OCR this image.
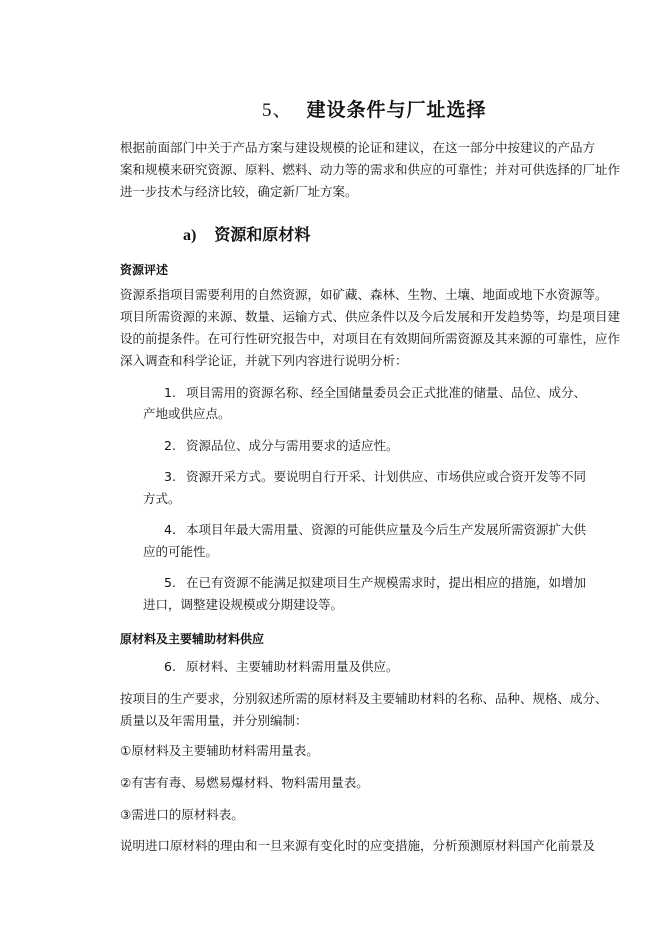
5、 建设条件与厂址选择
根据前面部门中关于产品方案与建设规模的论证和建议，在这一部分中按建议的产品方
案和规模来研究资源、原料、燃料、动力等的需求和供应的可靠性；并对可供选择的厂址作
进一步技术与经济比较，确定新厂址方案。
a) 资源和原材料
资源评述
资源系指项目需要利用的自然资源，如矿藏、森林、生物、土壤、地面或地下水资源等。
项目所需资源的来源、数量、运输方式、供应条件以及今后发展和开发趋势等，均是项目建
设的前提条件。在可行性研究报告中，对项目在有效期间所需资源及其来源的可靠性，应作
深入调查和科学论证，并就下列内容进行说明分析：
1. 项目需用的资源名称、经全国储量委员会正式批准的储量、品位、成分、
产地或供应点。
2. 资源品位、成分与需用要求的适应性。
3. 资源开采方式。要说明自行开采、计划供应、市场供应或合资开发等不同
方式。
4. 本项目年最大需用量、资源的可能供应量及今后生产发展所需资源扩大供
应的可能性。
5. 在已有资源不能满足拟建项目生产规模需求时，提出相应的措施，如增加
进口，调整建设规模或分期建设等。
原材料及主要辅助材料供应
6. 原材料、主要辅助材料需用量及供应。
按项目的生产要求，分别叙述所需的原材料及主要辅助材料的名称、品种、规格、成分、
质量以及年需用量，并分别编制：
①原材料及主要辅助材料需用量表。
②有害有毒、易燃易爆材料、物料需用量表。
③需进口的原材料表。
说明进口原材料的理由和一旦来源有变化时的应变措施，分析预测原材料国产化前景及
